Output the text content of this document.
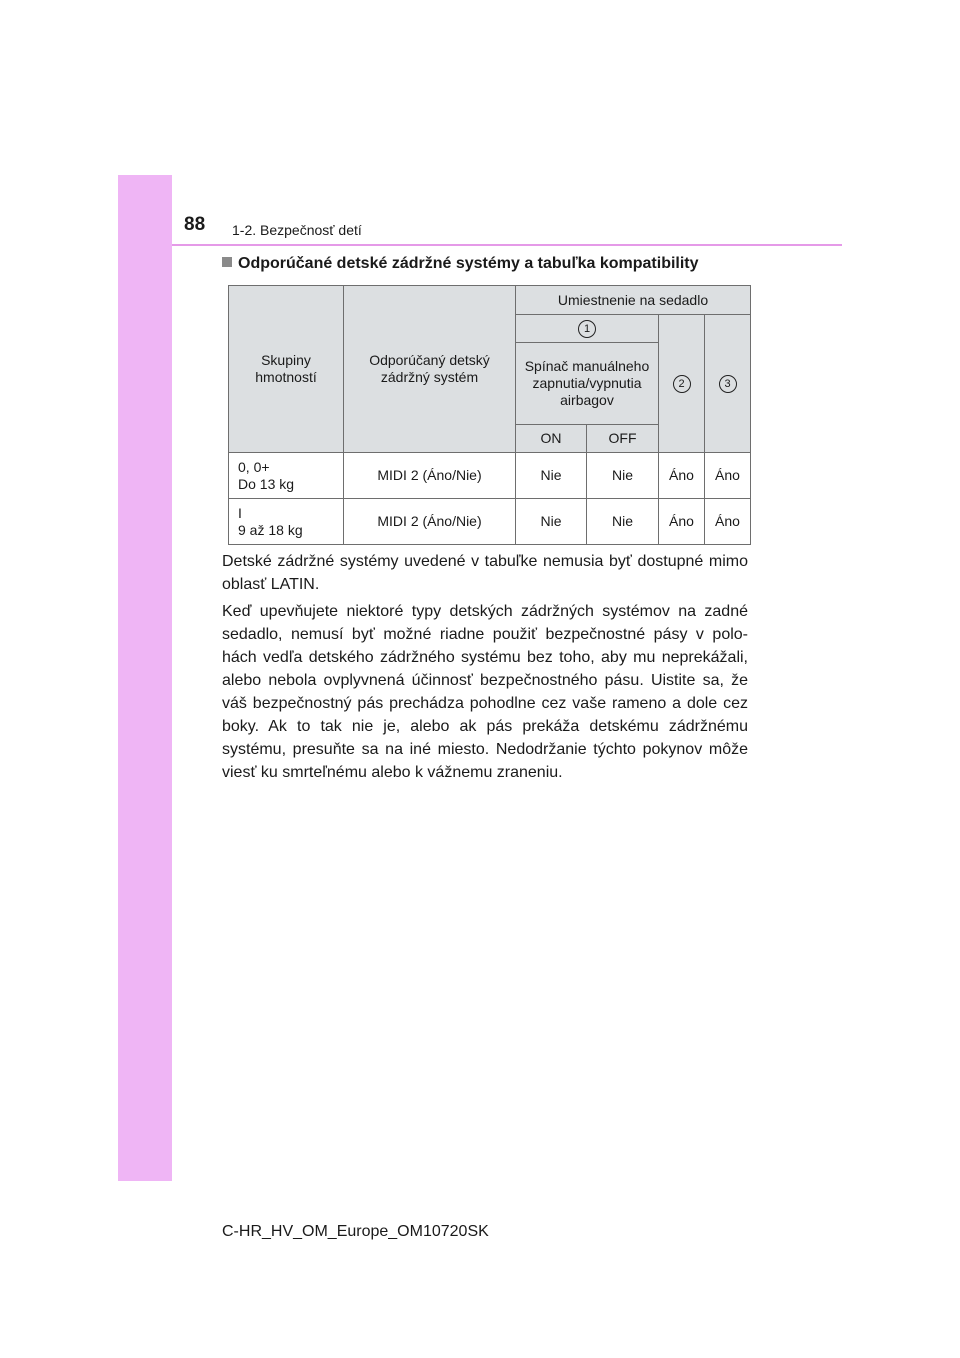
88 1-2. Bezpečnosť detí
Odporúčané detské zádržné systémy a tabuľka kompatibility
Skupiny hmotností	Odporúčaný detský zádržný systém	Umiestnenie na sedadlo			
		1		2	3
		Spínač manuálneho zapnutia/vypnutia airbagov			
		ON	OFF		

0, 0+
Do 13 kg	MIDI 2 (Áno/Nie)	Nie	Nie	Áno	Áno
I
9 až 18 kg	MIDI 2 (Áno/Nie)	Nie	Nie	Áno	Áno

Detské zádržné systémy uvedené v tabuľke nemusia byť dostupné mimo oblasť LATIN.

Keď upevňujete niektoré typy detských zádržných systémov na zadné sedadlo, nemusí byť možné riadne použiť bezpečnostné pásy v polo- hách vedľa detského zádržného systému bez toho, aby mu neprekážali, alebo nebola ovplyvnená účinnosť bezpečnostného pásu. Uistite sa, že váš bezpečnostný pás prechádza pohodlne cez vaše rameno a dole cez boky. Ak to tak nie je, alebo ak pás prekáža detskému zádržnému systému, presuňte sa na iné miesto. Nedodržanie týchto pokynov môže viesť ku smrteľnému alebo k vážnemu zraneniu.

C-HR_HV_OM_Europe_OM10720SK
